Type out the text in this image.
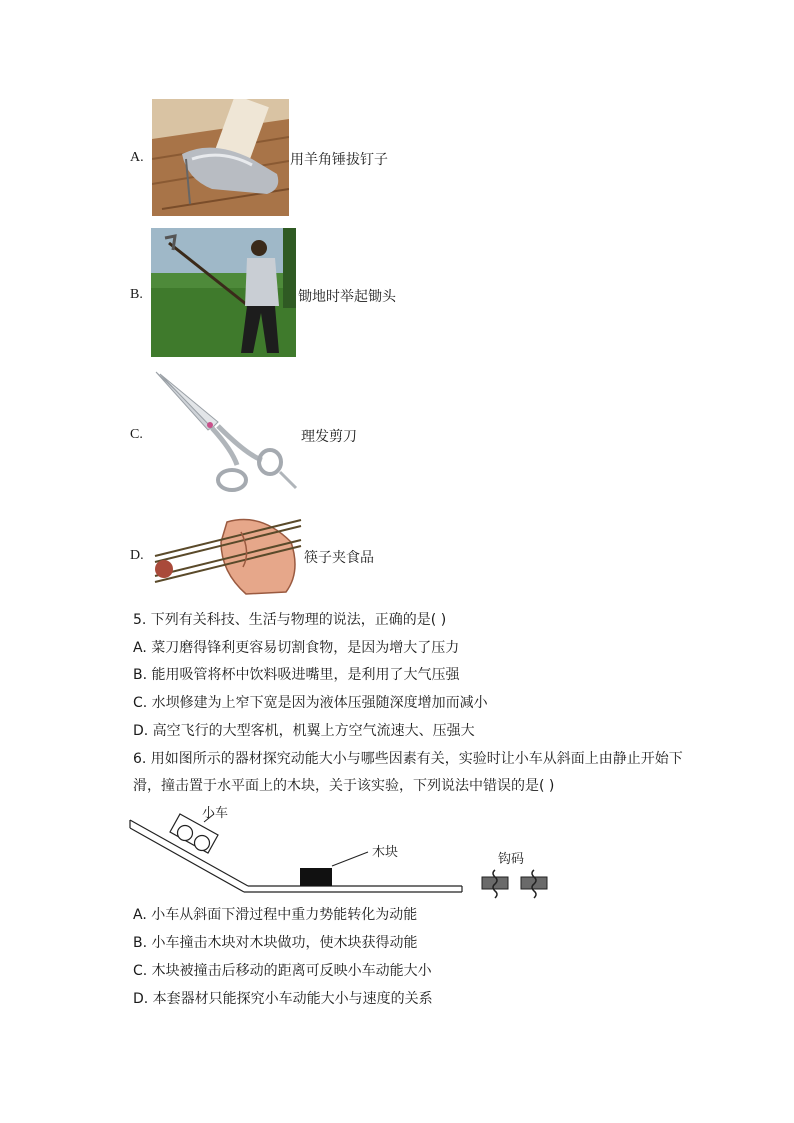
A.	用羊角锤拔钉子
B.	锄地时举起锄头
C.	理发剪刀
D.	筷子夹食品
5. 下列有关科技、生活与物理的说法，正确的是( )
A. 菜刀磨得锋利更容易切割食物，是因为增大了压力
B. 能用吸管将杯中饮料吸进嘴里，是利用了大气压强
C. 水坝修建为上窄下宽是因为液体压强随深度增加而减小
D. 高空飞行的大型客机，机翼上方空气流速大、压强大
6. 用如图所示的器材探究动能大小与哪些因素有关，实验时让小车从斜面上由静止开始下
滑，撞击置于水平面上的木块，关于该实验，下列说法中错误的是( )
小车
木块	钩码
A. 小车从斜面下滑过程中重力势能转化为动能
B. 小车撞击木块对木块做功，使木块获得动能
C. 木块被撞击后移动的距离可反映小车动能大小
D. 本套器材只能探究小车动能大小与速度的关系
